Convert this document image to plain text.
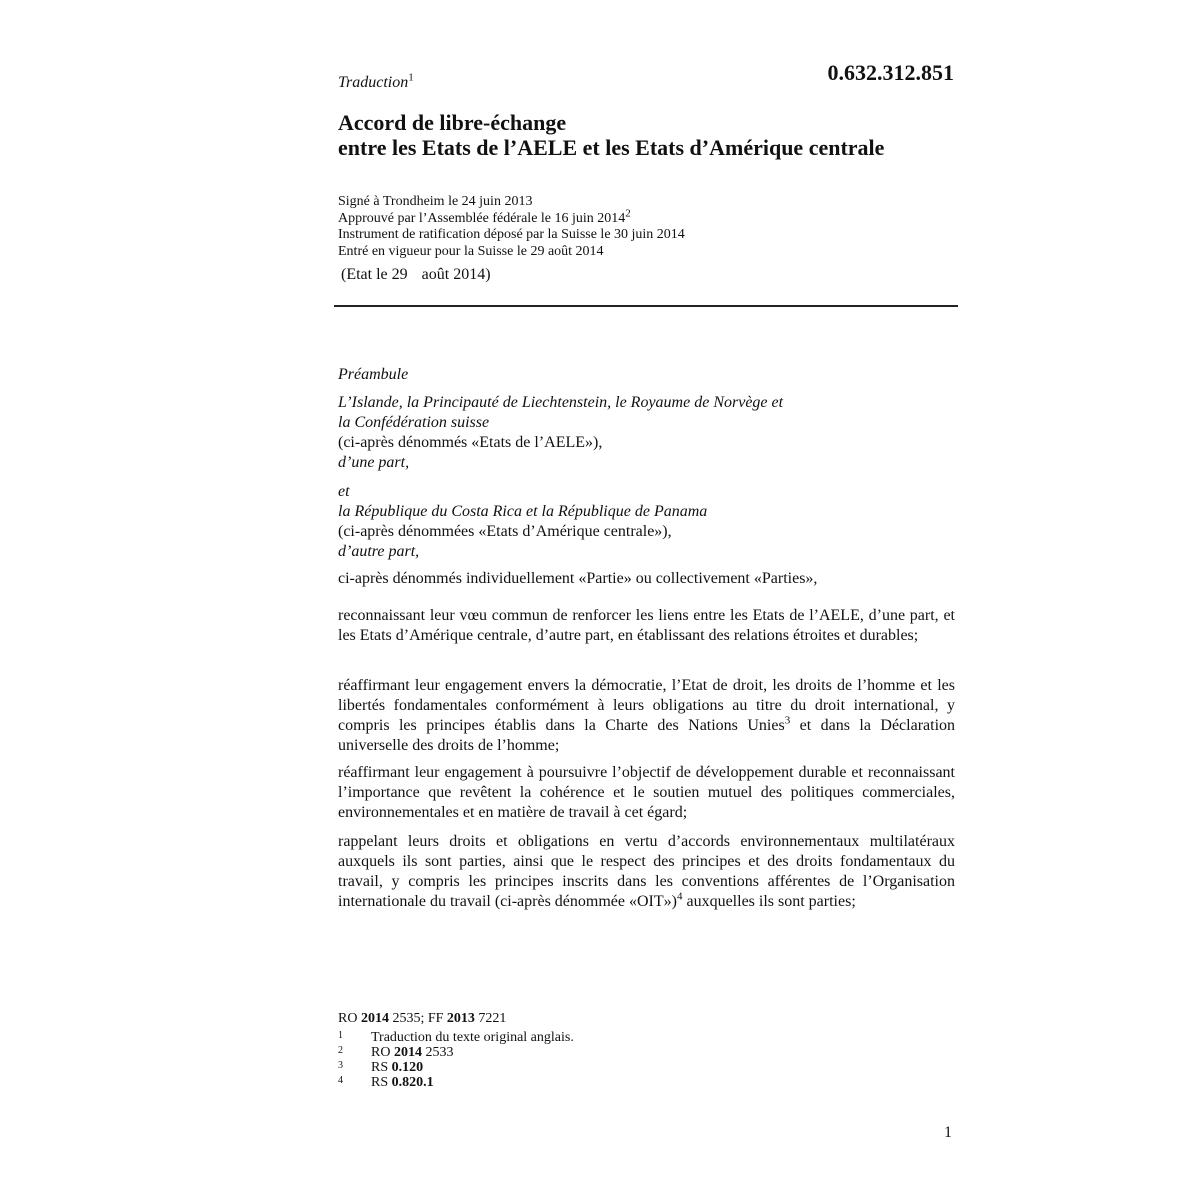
Traduction$^1$	0.632.312.851
Accord de libre-échange
entre les Etats de l’AELE et les Etats d’Amérique centrale
Signé à Trondheim le 24 juin 2013
Approuvé par l’Assemblée fédérale le 16 juin 2014$^2$
Instrument de ratification déposé par la Suisse le 30 juin 2014
Entré en vigueur pour la Suisse le 29 août 2014
(Etat le 29 août 2014)
Préambule
L’Islande, la Principauté de Liechtenstein, le Royaume de Norvège et
la Confédération suisse
(ci-après dénommés «Etats de l’AELE»),
d’une part,
et
la République du Costa Rica et la République de Panama
(ci-après dénommées «Etats d’Amérique centrale»),
d’autre part,
ci-après dénommés individuellement «Partie» ou collectivement «Parties»,
reconnaissant leur vœu commun de renforcer les liens entre les Etats de l’AELE, d’une part, et les Etats d’Amérique centrale, d’autre part, en établissant des relations étroites et durables;
réaffirmant leur engagement envers la démocratie, l’Etat de droit, les droits de l’homme et les libertés fondamentales conformément à leurs obligations au titre du droit international, y compris les principes établis dans la Charte des Nations Unies$^3$ et dans la Déclaration universelle des droits de l’homme;
réaffirmant leur engagement à poursuivre l’objectif de développement durable et reconnaissant l’importance que revêtent la cohérence et le soutien mutuel des politiques commerciales, environnementales et en matière de travail à cet égard;
rappelant leurs droits et obligations en vertu d’accords environnementaux multilatéraux auxquels ils sont parties, ainsi que le respect des principes et des droits fondamentaux du travail, y compris les principes inscrits dans les conventions afférentes de l’Organisation internationale du travail (ci-après dénommée «OIT»)$^4$ auxquelles ils sont parties;
RO 2014 2535; FF 2013 7221
1	Traduction du texte original anglais.
2	RO 2014 2533
3	RS 0.120
4	RS 0.820.1
1
